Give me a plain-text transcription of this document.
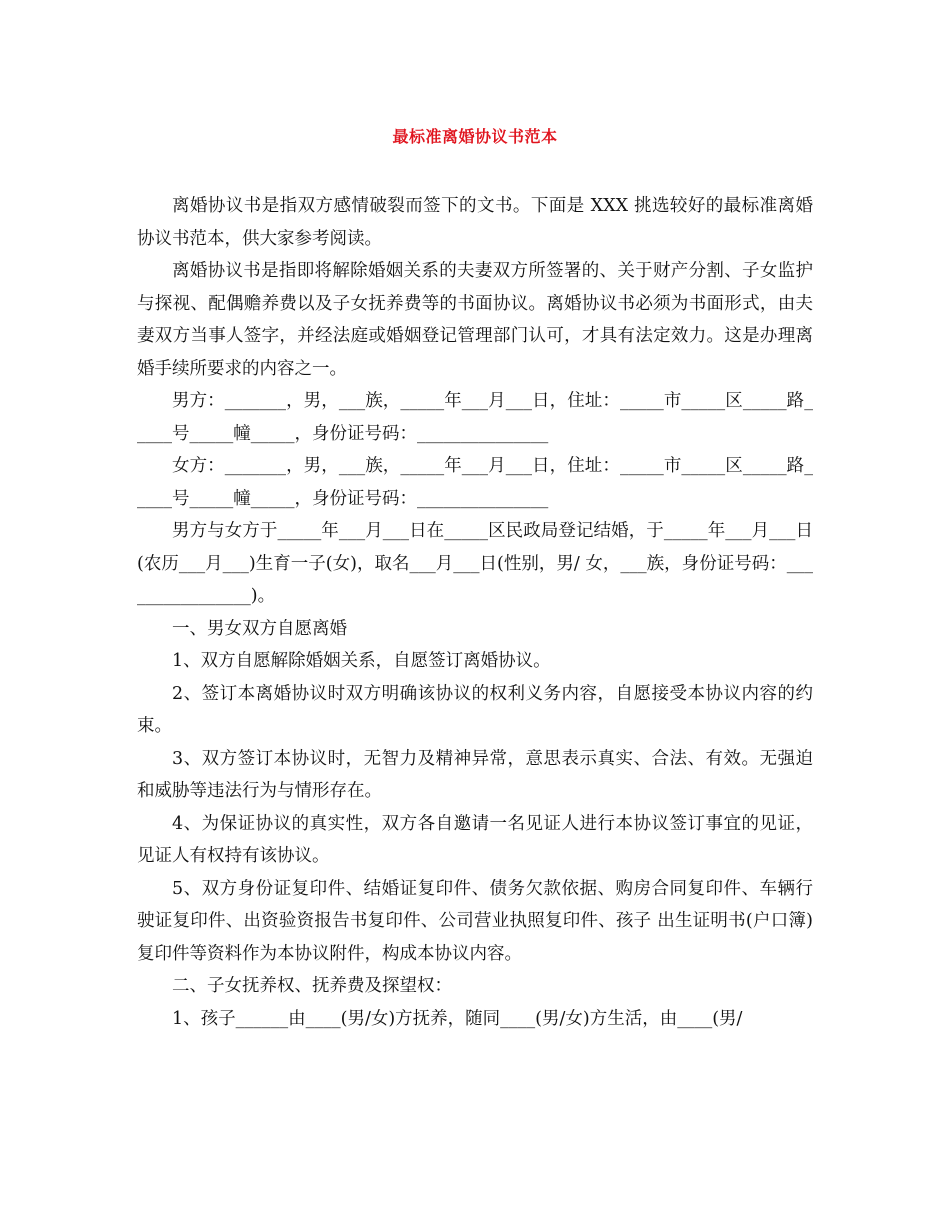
最标准离婚协议书范本

离婚协议书是指双方感情破裂而签下的文书。下面是 XXX 挑选较好的最标准离婚协议书范本，供大家参考阅读。

离婚协议书是指即将解除婚姻关系的夫妻双方所签署的、关于财产分割、子女监护与探视、配偶赡养费以及子女抚养费等的书面协议。离婚协议书必须为书面形式，由夫妻双方当事人签字，并经法庭或婚姻登记管理部门认可，才具有法定效力。这是办理离婚手续所要求的内容之一。

男方：_______，男，___族，_____年___月___日，住址：_____市_____区_____路_____号_____幢_____，身份证号码：_______________

女方：_______，男，___族，_____年___月___日，住址：_____市_____区_____路_____号_____幢_____，身份证号码：_______________

男方与女方于_____年___月___日在_____区民政局登记结婚，于_____年___月___日(农历___月___)生育一子(女)，取名___月___日(性别，男/ 女，___族，身份证号码：________________)。

一、男女双方自愿离婚

1、双方自愿解除婚姻关系，自愿签订离婚协议。

2、签订本离婚协议时双方明确该协议的权利义务内容，自愿接受本协议内容的约束。

3、双方签订本协议时，无智力及精神异常，意思表示真实、合法、有效。无强迫和威胁等违法行为与情形存在。

4、为保证协议的真实性，双方各自邀请一名见证人进行本协议签订事宜的见证，见证人有权持有该协议。

5、双方身份证复印件、结婚证复印件、债务欠款依据、购房合同复印件、车辆行驶证复印件、出资验资报告书复印件、公司营业执照复印件、孩子 出生证明书(户口簿)复印件等资料作为本协议附件，构成本协议内容。

二、子女抚养权、抚养费及探望权：

1、孩子______由____(男/女)方抚养，随同____(男/女)方生活，由____(男/
